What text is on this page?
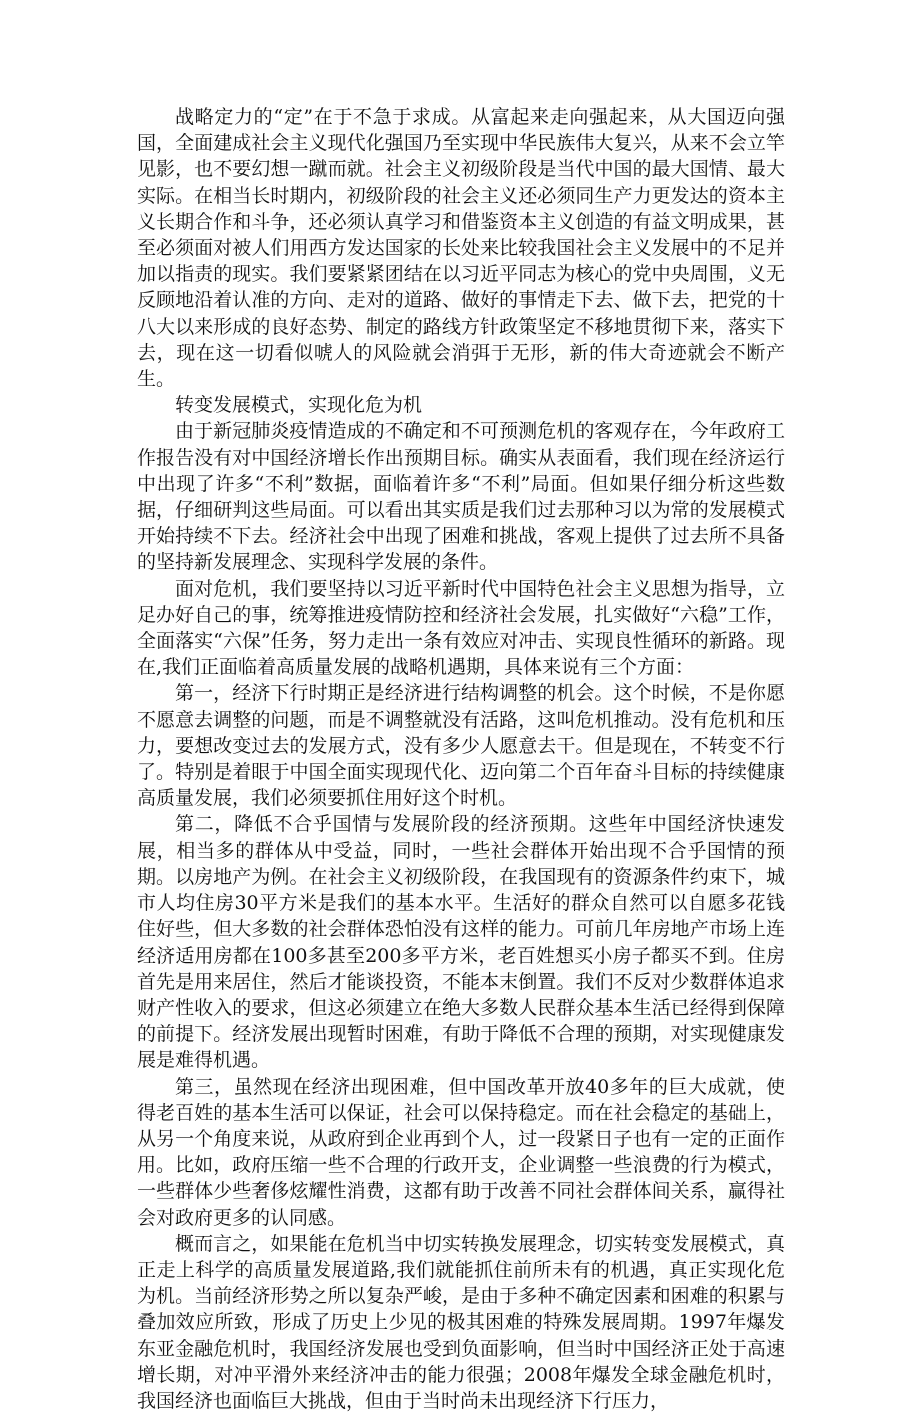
战略定力的“定”在于不急于求成。从富起来走向强起来，从大国迈向强国，全面建成社会主义现代化强国乃至实现中华民族伟大复兴，从来不会立竿见影，也不要幻想一蹴而就。社会主义初级阶段是当代中国的最大国情、最大实际。在相当长时期内，初级阶段的社会主义还必须同生产力更发达的资本主义长期合作和斗争，还必须认真学习和借鉴资本主义创造的有益文明成果，甚至必须面对被人们用西方发达国家的长处来比较我国社会主义发展中的不足并加以指责的现实。我们要紧紧团结在以习近平同志为核心的党中央周围，义无反顾地沿着认准的方向、走对的道路、做好的事情走下去、做下去，把党的十八大以来形成的良好态势、制定的路线方针政策坚定不移地贯彻下来，落实下去，现在这一切看似唬人的风险就会消弭于无形，新的伟大奇迹就会不断产生。

转变发展模式，实现化危为机

由于新冠肺炎疫情造成的不确定和不可预测危机的客观存在，今年政府工作报告没有对中国经济增长作出预期目标。确实从表面看，我们现在经济运行中出现了许多“不利”数据，面临着许多“不利”局面。但如果仔细分析这些数据，仔细研判这些局面。可以看出其实质是我们过去那种习以为常的发展模式开始持续不下去。经济社会中出现了困难和挑战，客观上提供了过去所不具备的坚持新发展理念、实现科学发展的条件。

面对危机，我们要坚持以习近平新时代中国特色社会主义思想为指导，立足办好自己的事，统筹推进疫情防控和经济社会发展，扎实做好“六稳”工作，全面落实“六保”任务，努力走出一条有效应对冲击、实现良性循环的新路。现在,我们正面临着高质量发展的战略机遇期，具体来说有三个方面：

第一，经济下行时期正是经济进行结构调整的机会。这个时候，不是你愿不愿意去调整的问题，而是不调整就没有活路，这叫危机推动。没有危机和压力，要想改变过去的发展方式，没有多少人愿意去干。但是现在，不转变不行了。特别是着眼于中国全面实现现代化、迈向第二个百年奋斗目标的持续健康高质量发展，我们必须要抓住用好这个时机。

第二，降低不合乎国情与发展阶段的经济预期。这些年中国经济快速发展，相当多的群体从中受益，同时，一些社会群体开始出现不合乎国情的预期。以房地产为例。在社会主义初级阶段，在我国现有的资源条件约束下，城市人均住房30平方米是我们的基本水平。生活好的群众自然可以自愿多花钱住好些，但大多数的社会群体恐怕没有这样的能力。可前几年房地产市场上连经济适用房都在100多甚至200多平方米，老百姓想买小房子都买不到。住房首先是用来居住，然后才能谈投资，不能本末倒置。我们不反对少数群体追求财产性收入的要求，但这必须建立在绝大多数人民群众基本生活已经得到保障的前提下。经济发展出现暂时困难，有助于降低不合理的预期，对实现健康发展是难得机遇。

第三，虽然现在经济出现困难，但中国改革开放40多年的巨大成就，使得老百姓的基本生活可以保证，社会可以保持稳定。而在社会稳定的基础上，从另一个角度来说，从政府到企业再到个人，过一段紧日子也有一定的正面作用。比如，政府压缩一些不合理的行政开支，企业调整一些浪费的行为模式，一些群体少些奢侈炫耀性消费，这都有助于改善不同社会群体间关系，赢得社会对政府更多的认同感。

概而言之，如果能在危机当中切实转换发展理念，切实转变发展模式，真正走上科学的高质量发展道路,我们就能抓住前所未有的机遇，真正实现化危为机。当前经济形势之所以复杂严峻，是由于多种不确定因素和困难的积累与叠加效应所致，形成了历史上少见的极其困难的特殊发展周期。1997年爆发东亚金融危机时，我国经济发展也受到负面影响，但当时中国经济正处于高速增长期，对冲平滑外来经济冲击的能力很强；2008年爆发全球金融危机时，我国经济也面临巨大挑战，但由于当时尚未出现经济下行压力，
